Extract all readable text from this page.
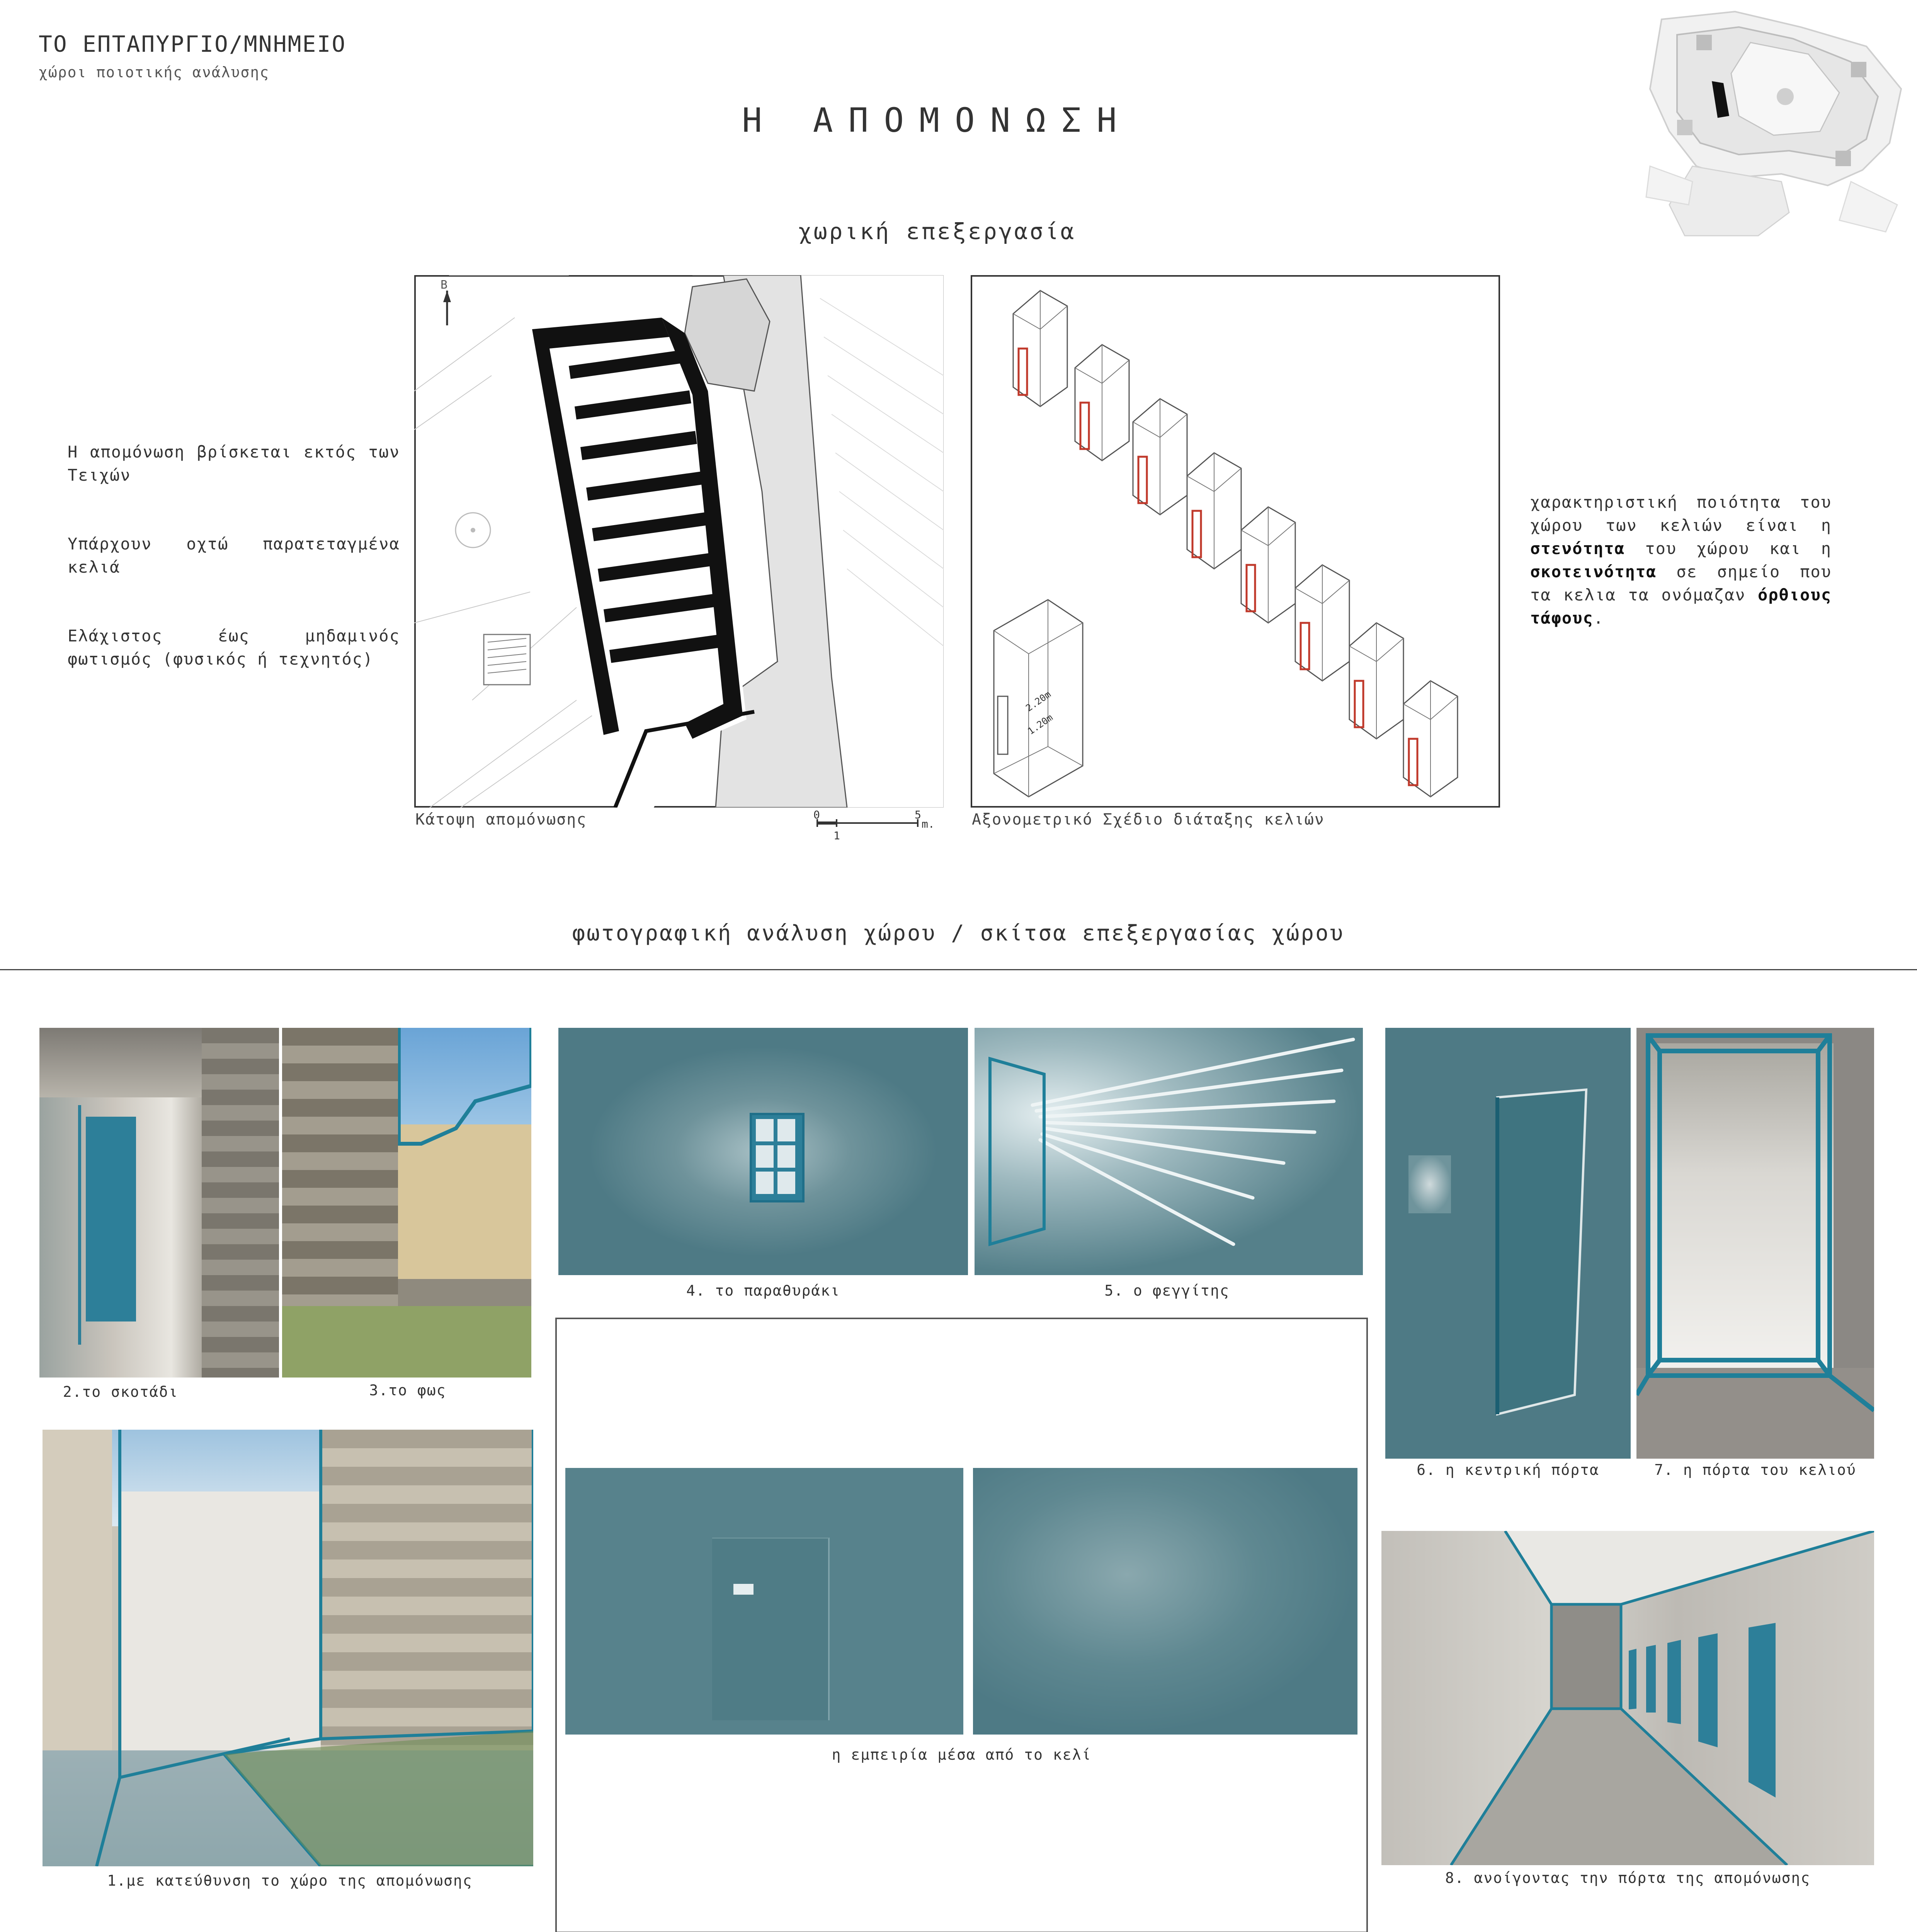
ΤΟ ΕΠΤΑΠΥΡΓΙΟ/ΜΝΗΜΕΙΟ
χώροι ποιοτικής ανάλυσης
Η ΑΠΟΜΟΝΩΣΗ
χωρική επεξεργασία

Η απομόνωση βρίσκεται εκτός των Τειχών

Υπάρχουν οχτώ παρατεταγμένα κελιά

Ελάχιστος έως μηδαμινός φωτισμός (φυσικός ή τεχνητός)

Β
Κάτοψη απομόνωσης	0
1
5
m.
2.20m
1.20m
Αξονομετρικό Σχέδιο διάταξης κελιών
χαρακτηριστική ποιότητα του χώρου των κελιών είναι η στενότητα του χώρου και η σκοτεινότητα σε σημείο που τα κελια τα ονόμαζαν όρθιους τάφους.
φωτογραφική ανάλυση χώρου / σκίτσα επεξεργασίας χώρου
2.το σκοτάδι	3.το φως
1.με κατεύθυνση το χώρο της απομόνωσης
4. το παραθυράκι	5. ο φεγγίτης
η εμπειρία μέσα από το κελί
6. η κεντρική πόρτα	7. η πόρτα του κελιού
8. ανοίγοντας την πόρτα της απομόνωσης
